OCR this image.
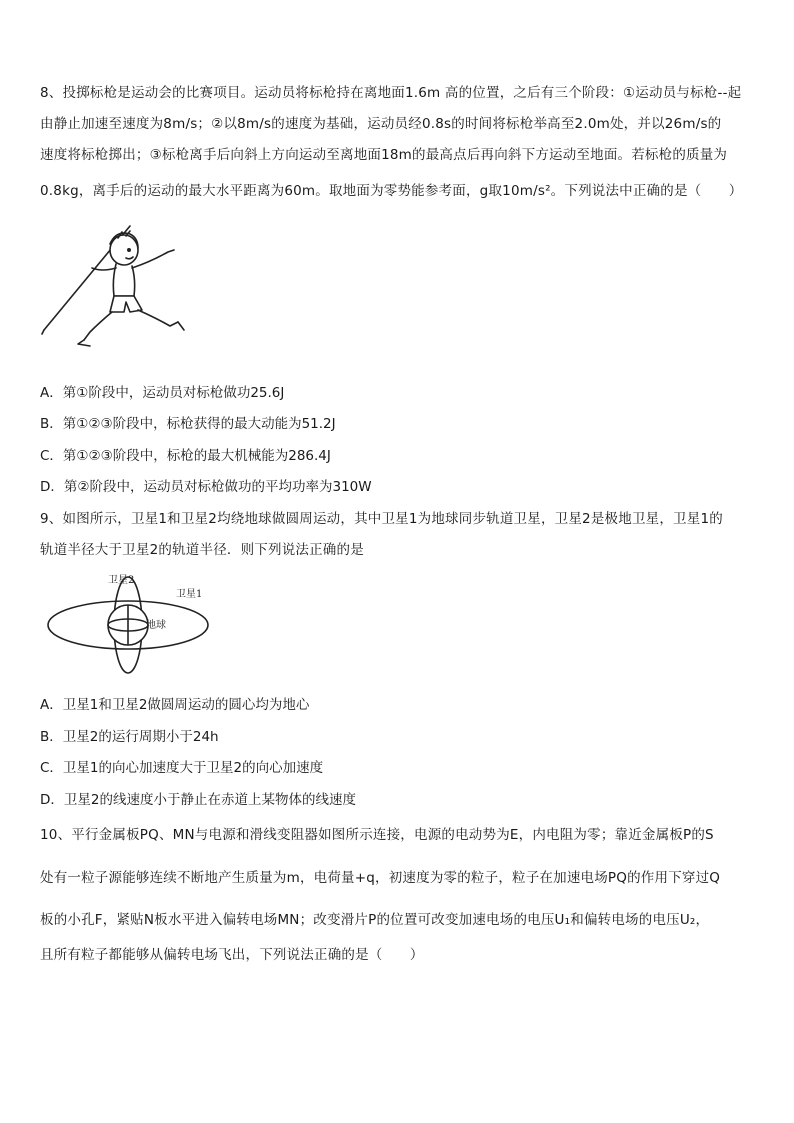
8、投掷标枪是运动会的比赛项目。运动员将标枪持在离地面1.6m 高的位置，之后有三个阶段：①运动员与标枪--起
由静止加速至速度为8m/s；②以8m/s的速度为基础，运动员经0.8s的时间将标枪举高至2.0m处，并以26m/s的
速度将标枪掷出；③标枪离手后向斜上方向运动至离地面18m的最高点后再向斜下方运动至地面。若标枪的质量为
0.8kg，离手后的运动的最大水平距离为60m。取地面为零势能参考面，g取10m/s²。下列说法中正确的是（　　）
A．第①阶段中，运动员对标枪做功25.6J
B．第①②③阶段中，标枪获得的最大动能为51.2J
C．第①②③阶段中，标枪的最大机械能为286.4J
D．第②阶段中，运动员对标枪做功的平均功率为310W
9、如图所示，卫星1和卫星2均绕地球做圆周运动，其中卫星1为地球同步轨道卫星，卫星2是极地卫星，卫星1的
轨道半径大于卫星2的轨道半径．则下列说法正确的是
卫星2
卫星1
地球
A．卫星1和卫星2做圆周运动的圆心均为地心
B．卫星2的运行周期小于24h
C．卫星1的向心加速度大于卫星2的向心加速度
D．卫星2的线速度小于静止在赤道上某物体的线速度
10、平行金属板PQ、MN与电源和滑线变阻器如图所示连接，电源的电动势为E，内电阻为零；靠近金属板P的S
处有一粒子源能够连续不断地产生质量为m，电荷量+q，初速度为零的粒子，粒子在加速电场PQ的作用下穿过Q
板的小孔F，紧贴N板水平进入偏转电场MN；改变滑片P的位置可改变加速电场的电压U₁和偏转电场的电压U₂，
且所有粒子都能够从偏转电场飞出，下列说法正确的是（　　）
